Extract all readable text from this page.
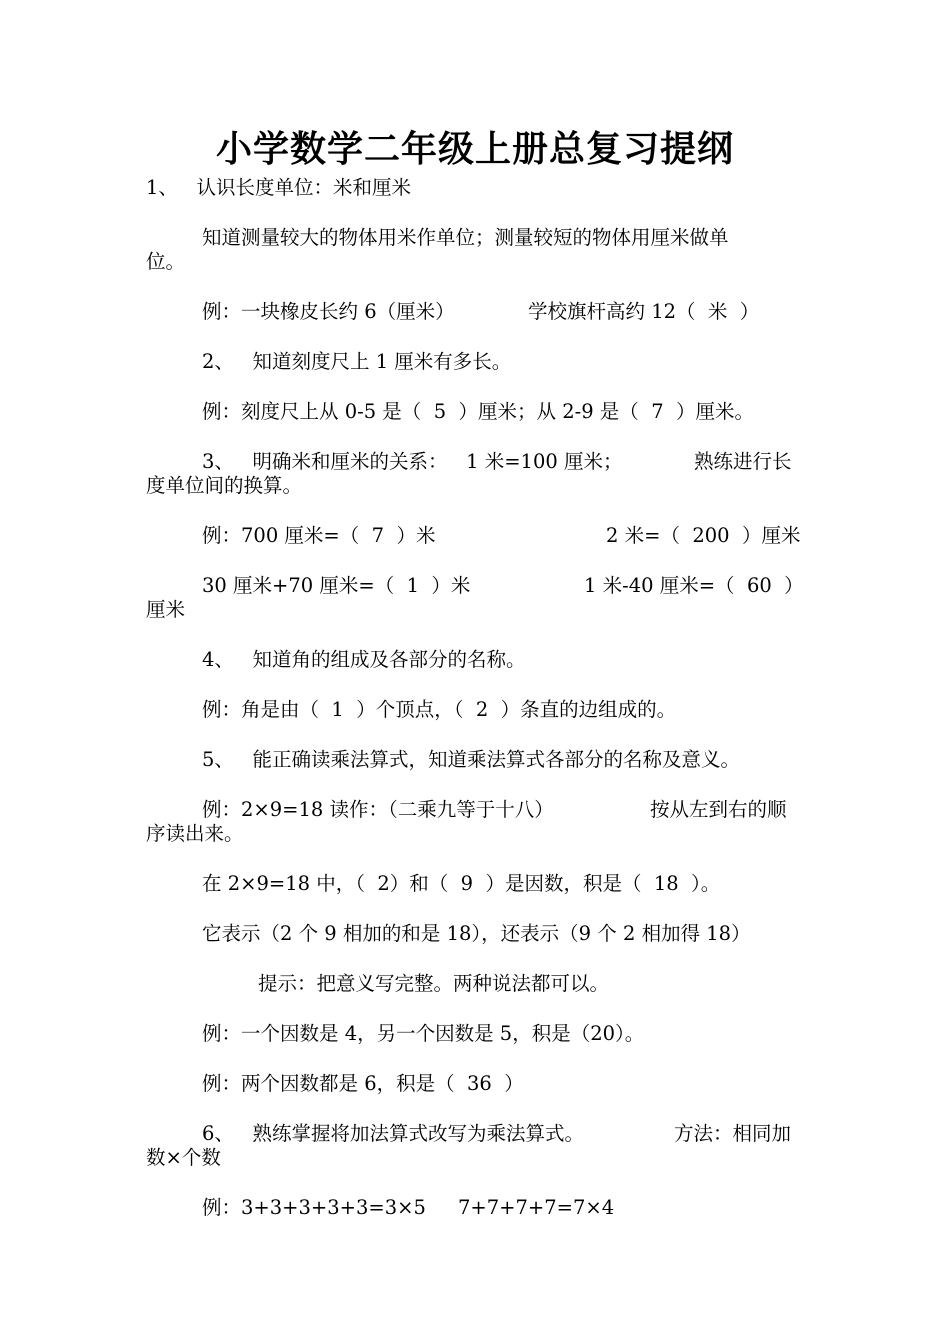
小学数学二年级上册总复习提纲
1、   认识长度单位：米和厘米
知道测量较大的物体用米作单位；测量较短的物体用厘米做单
位。
例：一块橡皮长约 6（厘米）	学校旗杆高约 12（  米  ）
2、   知道刻度尺上 1 厘米有多长。
例：刻度尺上从 0-5 是（  5  ）厘米；从 2-9 是（  7  ）厘米。
3、   明确米和厘米的关系：   1 米=100 厘米；	熟练进行长
度单位间的换算。
例：700 厘米=（  7  ）米	2 米=（  200  ）厘米
30 厘米+70 厘米=（  1  ）米	1 米-40 厘米=（  60  ）
厘米
4、   知道角的组成及各部分的名称。
例：角是由（  1  ）个顶点，（  2  ）条直的边组成的。
5、   能正确读乘法算式，知道乘法算式各部分的名称及意义。
例：2×9=18 读作：（二乘九等于十八）	按从左到右的顺
序读出来。
在 2×9=18 中，（  2）和（  9  ）是因数，积是（  18  ）。
它表示（2 个 9 相加的和是 18），还表示（9 个 2 相加得 18）
提示：把意义写完整。两种说法都可以。
例：一个因数是 4，另一个因数是 5，积是（20）。
例：两个因数都是 6，积是（  36  ）
6、   熟练掌握将加法算式改写为乘法算式。	方法：相同加
数×个数
例：3+3+3+3+3=3×5 7+7+7+7=7×4
